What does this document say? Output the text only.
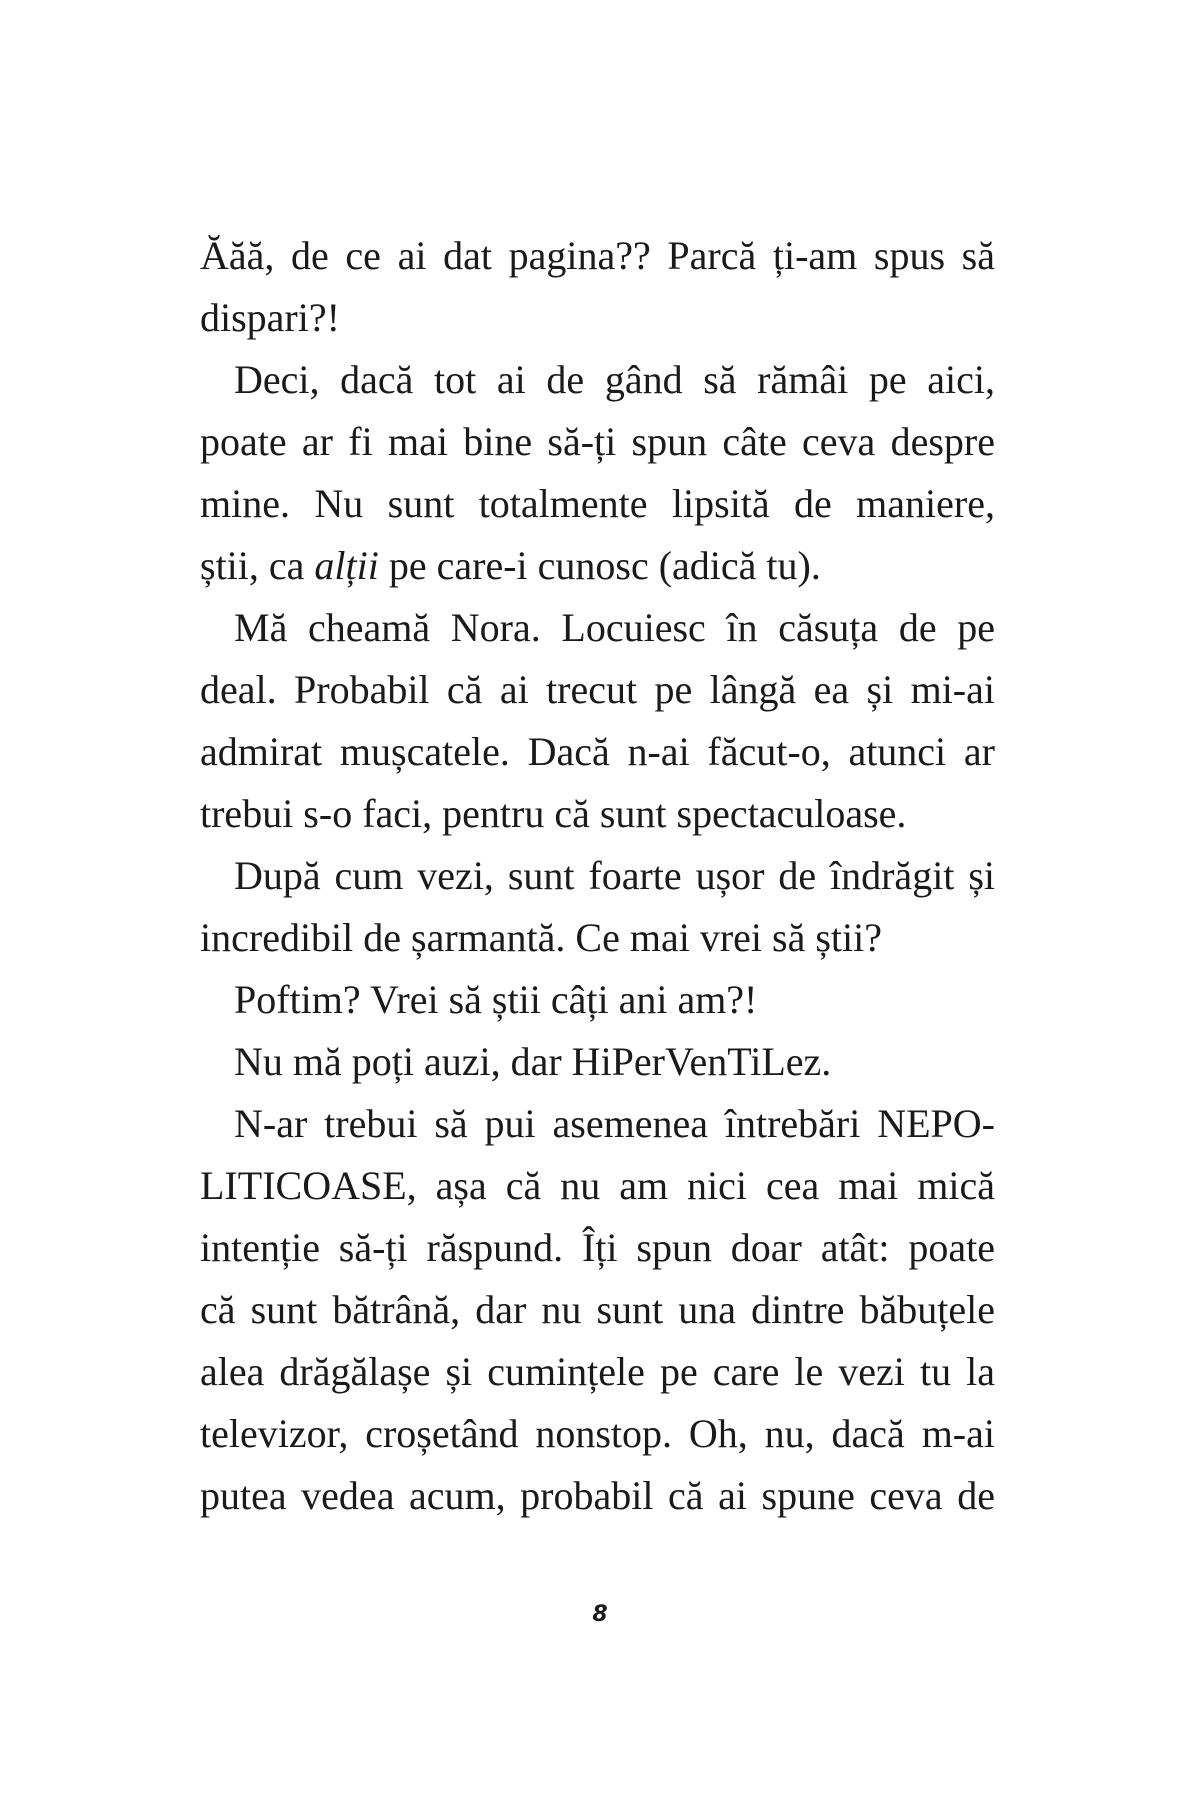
Ăăă, de ce ai dat pagina?? Parcă ți-am spus să
dispari?!
Deci, dacă tot ai de gând să rămâi pe aici,
poate ar fi mai bine să-ți spun câte ceva despre
mine. Nu sunt totalmente lipsită de maniere,
știi, ca alții pe care-i cunosc (adică tu).
Mă cheamă Nora. Locuiesc în căsuța de pe
deal. Probabil că ai trecut pe lângă ea și mi-ai
admirat mușcatele. Dacă n-ai făcut-o, atunci ar
trebui s-o faci, pentru că sunt spectaculoase.
După cum vezi, sunt foarte ușor de îndrăgit și
incredibil de șarmantă. Ce mai vrei să știi?
Poftim? Vrei să știi câți ani am?!
Nu mă poți auzi, dar HiPerVenTiLez.
N-ar trebui să pui asemenea întrebări NEPO-
LITICOASE, așa că nu am nici cea mai mică
intenție să-ți răspund. Îți spun doar atât: poate
că sunt bătrână, dar nu sunt una dintre băbuțele
alea drăgălașe și cumințele pe care le vezi tu la
televizor, croșetând nonstop. Oh, nu, dacă m-ai
putea vedea acum, probabil că ai spune ceva de
8
